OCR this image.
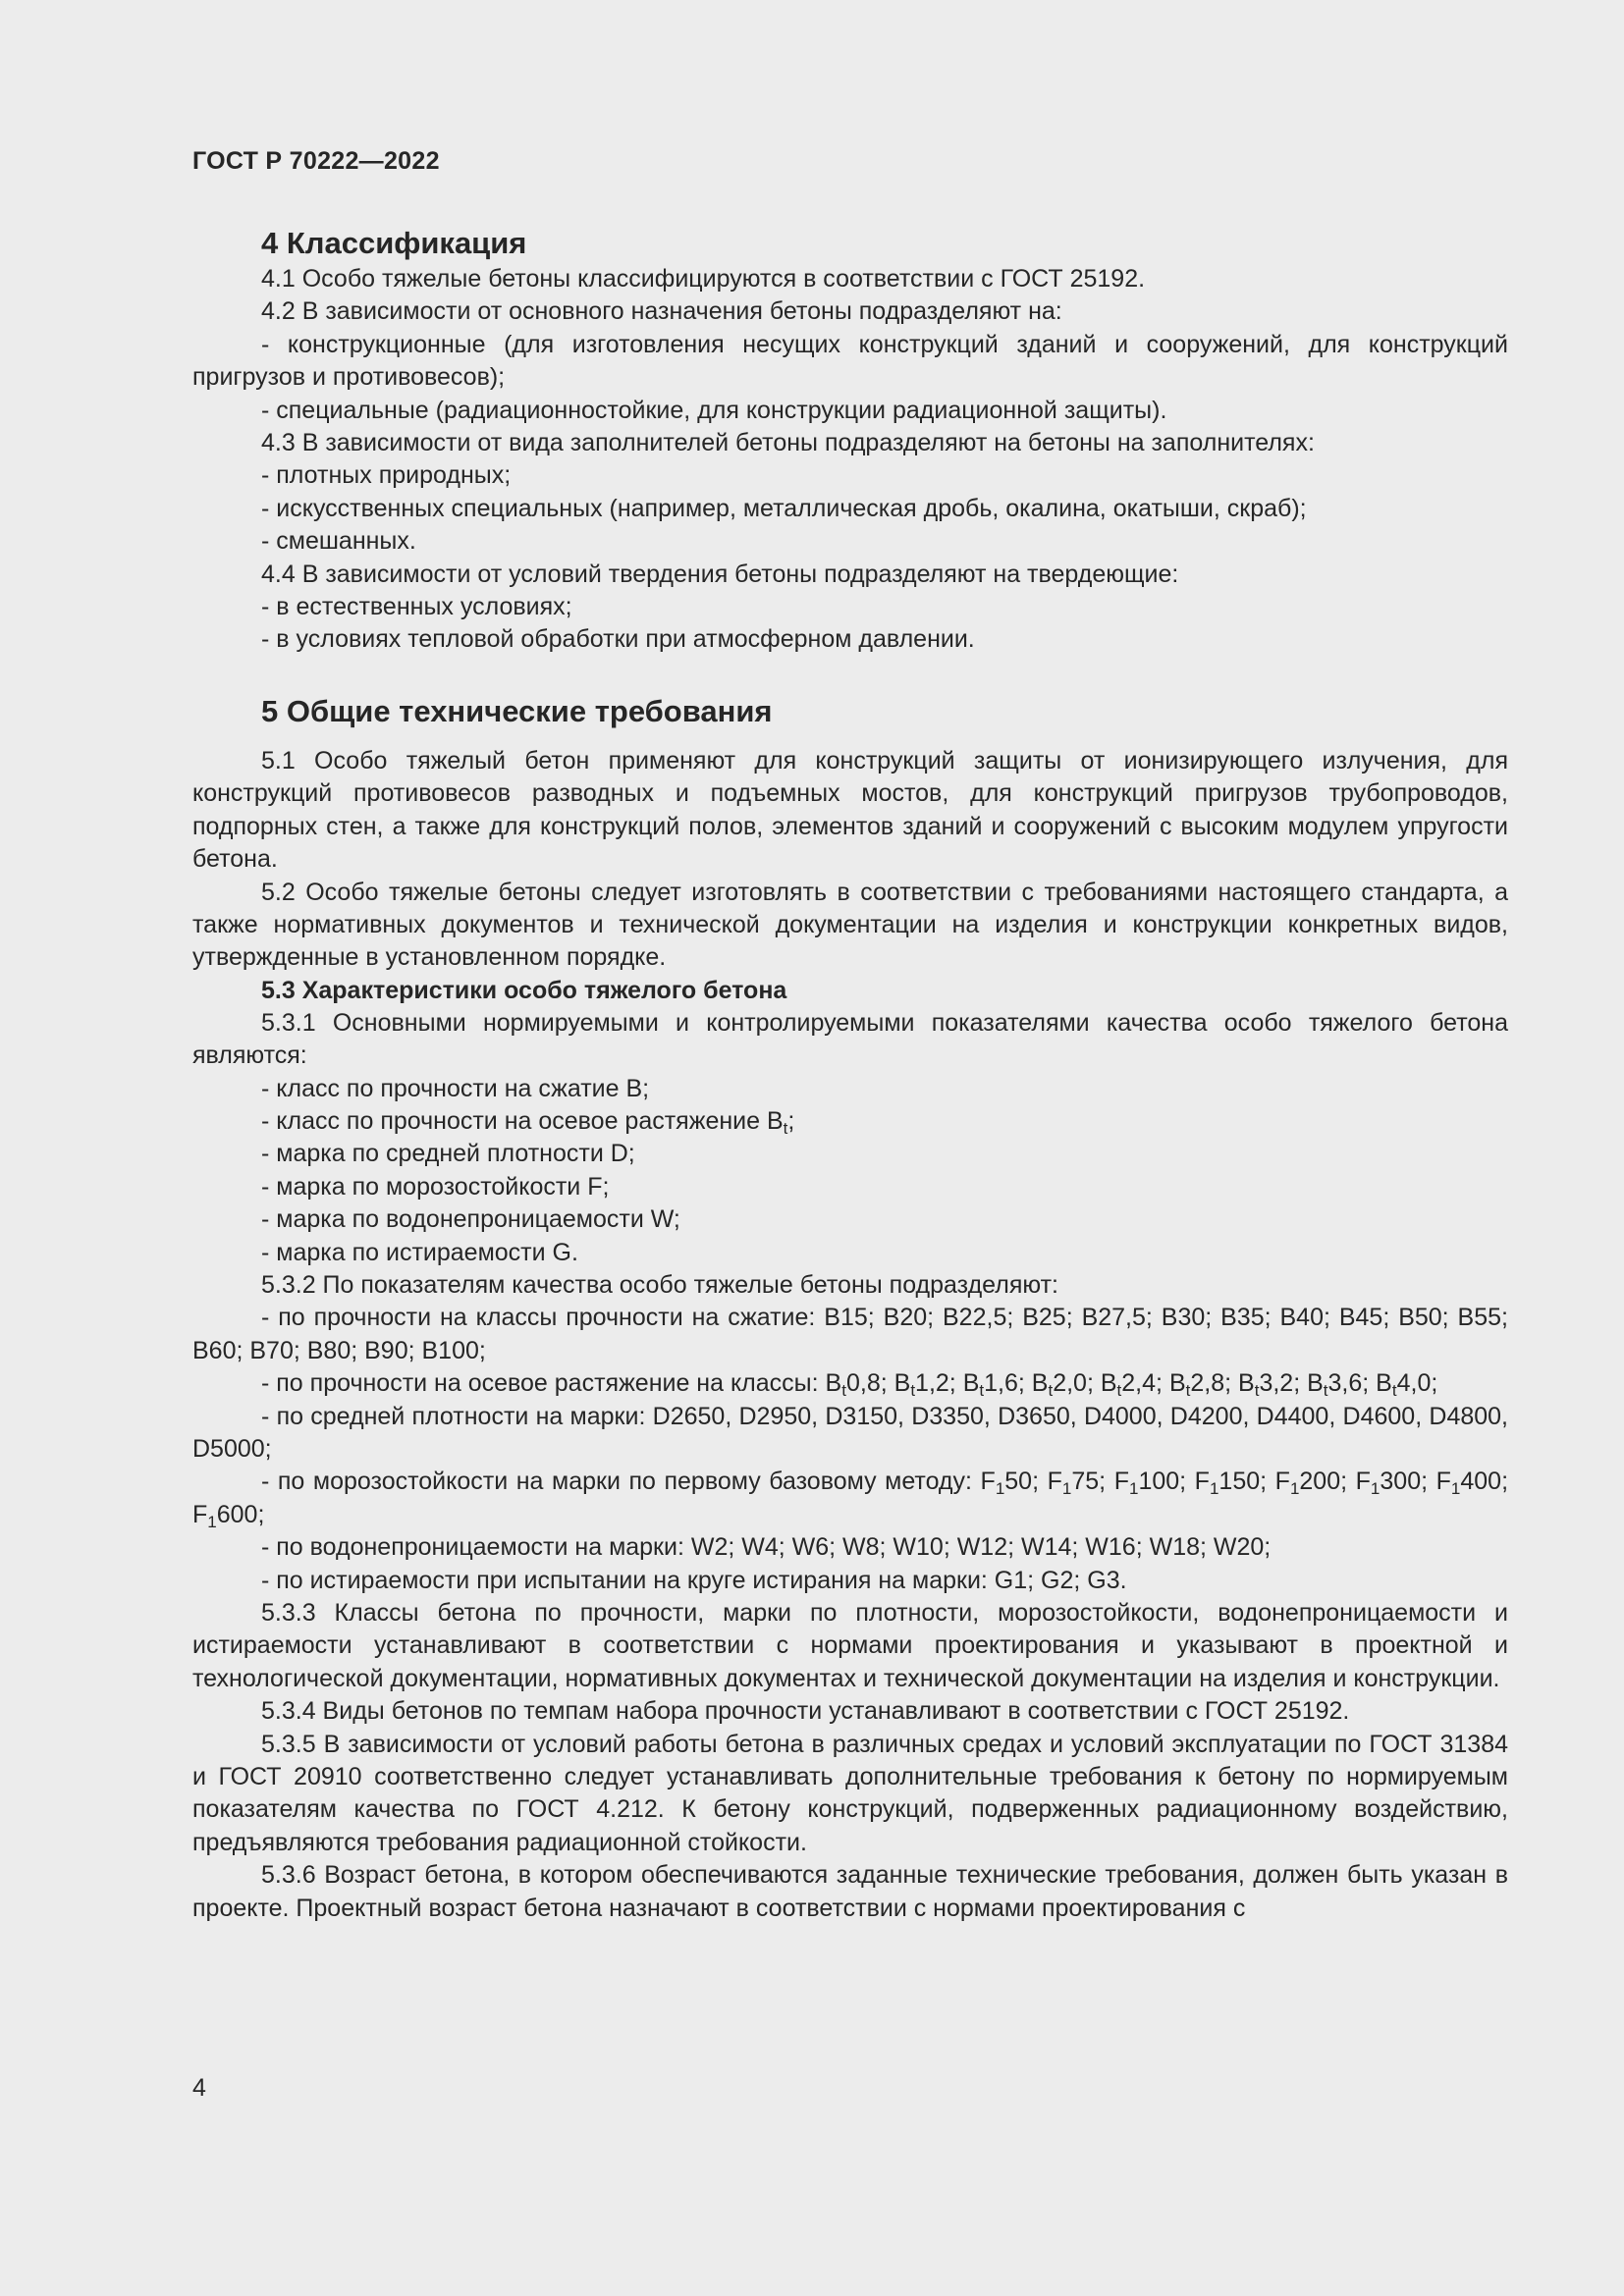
ГОСТ Р 70222—2022

4 Классификация

4.1 Особо тяжелые бетоны классифицируются в соответствии с ГОСТ 25192.

4.2 В зависимости от основного назначения бетоны подразделяют на:

- конструкционные (для изготовления несущих конструкций зданий и сооружений, для конструкций пригрузов и противовесов);

- специальные (радиационностойкие, для конструкции радиационной защиты).

4.3 В зависимости от вида заполнителей бетоны подразделяют на бетоны на заполнителях:

- плотных природных;

- искусственных специальных (например, металлическая дробь, окалина, окатыши, скраб);

- смешанных.

4.4 В зависимости от условий твердения бетоны подразделяют на твердеющие:

- в естественных условиях;

- в условиях тепловой обработки при атмосферном давлении.

5 Общие технические требования

5.1 Особо тяжелый бетон применяют для конструкций защиты от ионизирующего излучения, для конструкций противовесов разводных и подъемных мостов, для конструкций пригрузов трубопроводов, подпорных стен, а также для конструкций полов, элементов зданий и сооружений с высоким модулем упругости бетона.

5.2 Особо тяжелые бетоны следует изготовлять в соответствии с требованиями настоящего стандарта, а также нормативных документов и технической документации на изделия и конструкции конкретных видов, утвержденные в установленном порядке.

5.3 Характеристики особо тяжелого бетона

5.3.1 Основными нормируемыми и контролируемыми показателями качества особо тяжелого бетона являются:

- класс по прочности на сжатие B;

- класс по прочности на осевое растяжение $B_t$;

- марка по средней плотности D;

- марка по морозостойкости F;

- марка по водонепроницаемости W;

- марка по истираемости G.

5.3.2 По показателям качества особо тяжелые бетоны подразделяют:

- по прочности на классы прочности на сжатие: B15; B20; B22,5; B25; B27,5; B30; B35; B40; B45; B50; B55; B60; B70; B80; B90; B100;

- по прочности на осевое растяжение на классы: $B_t0,8$; $B_t1,2$; $B_t1,6$; $B_t2,0$; $B_t2,4$; $B_t2,8$; $B_t3,2$; $B_t3,6$; $B_t4,0$;

- по средней плотности на марки: D2650, D2950, D3150, D3350, D3650, D4000, D4200, D4400, D4600, D4800, D5000;

- по морозостойкости на марки по первому базовому методу: $F_150$; $F_175$; $F_1100$; $F_1150$; $F_1200$; $F_1300$; $F_1400$; $F_1600$;

- по водонепроницаемости на марки: W2; W4; W6; W8; W10; W12; W14; W16; W18; W20;

- по истираемости при испытании на круге истирания на марки: G1; G2; G3.

5.3.3 Классы бетона по прочности, марки по плотности, морозостойкости, водонепроницаемости и истираемости устанавливают в соответствии с нормами проектирования и указывают в проектной и технологической документации, нормативных документах и технической документации на изделия и конструкции.

5.3.4 Виды бетонов по темпам набора прочности устанавливают в соответствии с ГОСТ 25192.

5.3.5 В зависимости от условий работы бетона в различных средах и условий эксплуатации по ГОСТ 31384 и ГОСТ 20910 соответственно следует устанавливать дополнительные требования к бетону по нормируемым показателям качества по ГОСТ 4.212. К бетону конструкций, подверженных радиационному воздействию, предъявляются требования радиационной стойкости.

5.3.6 Возраст бетона, в котором обеспечиваются заданные технические требования, должен быть указан в проекте. Проектный возраст бетона назначают в соответствии с нормами проектирования с

4
